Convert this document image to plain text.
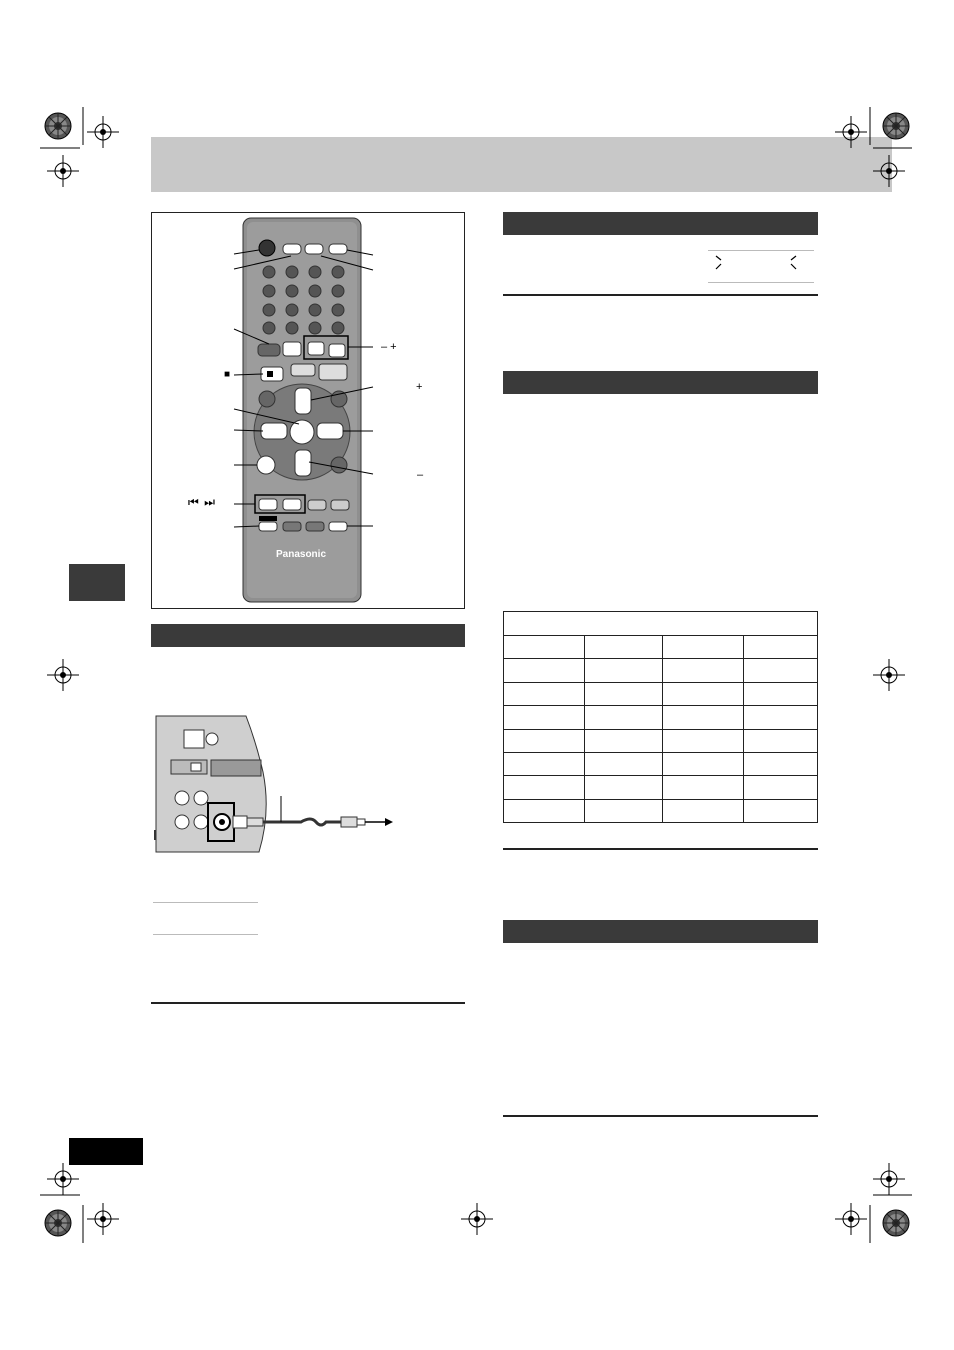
Panasonic
– +
+
–
⏮ ⏭
■
